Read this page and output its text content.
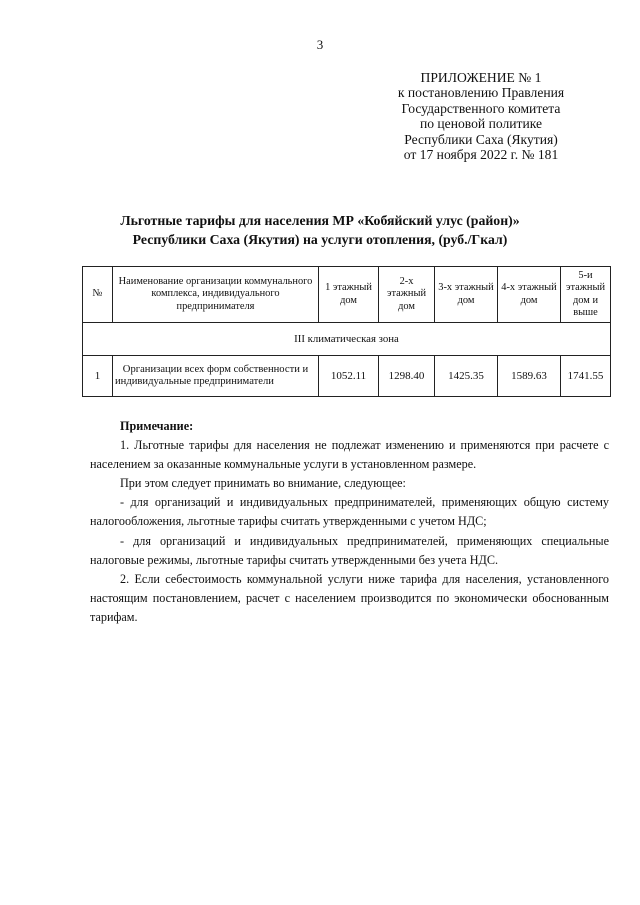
3
ПРИЛОЖЕНИЕ № 1
к постановлению Правления
Государственного комитета
по ценовой политике
Республики Саха (Якутия)
от 17 ноября 2022 г. № 181
Льготные тарифы для населения МР «Кобяйский улус (район)»
Республики Саха (Якутия) на услуги отопления, (руб./Гкал)
№	Наименование организации коммунального комплекса, индивидуального предпринимателя	1 этажный дом	2-х этажный дом	3-х этажный дом	4-х этажный дом	5-и этажный дом и выше
III климатическая зона						
1	Организации всех форм собственности и индивидуальные предприниматели	1052.11	1298.40	1425.35	1589.63	1741.55

Примечание:

1. Льготные тарифы для населения не подлежат изменению и применяются при расчете с населением за оказанные коммунальные услуги в установленном размере.

При этом следует принимать во внимание, следующее:

- для организаций и индивидуальных предпринимателей, применяющих общую систему налогообложения, льготные тарифы считать утвержденными с учетом НДС;

- для организаций и индивидуальных предпринимателей, применяющих специальные налоговые режимы, льготные тарифы считать утвержденными без учета НДС.

2. Если себестоимость коммунальной услуги ниже тарифа для населения, установленного настоящим постановлением, расчет с населением производится по экономически обоснованным тарифам.
